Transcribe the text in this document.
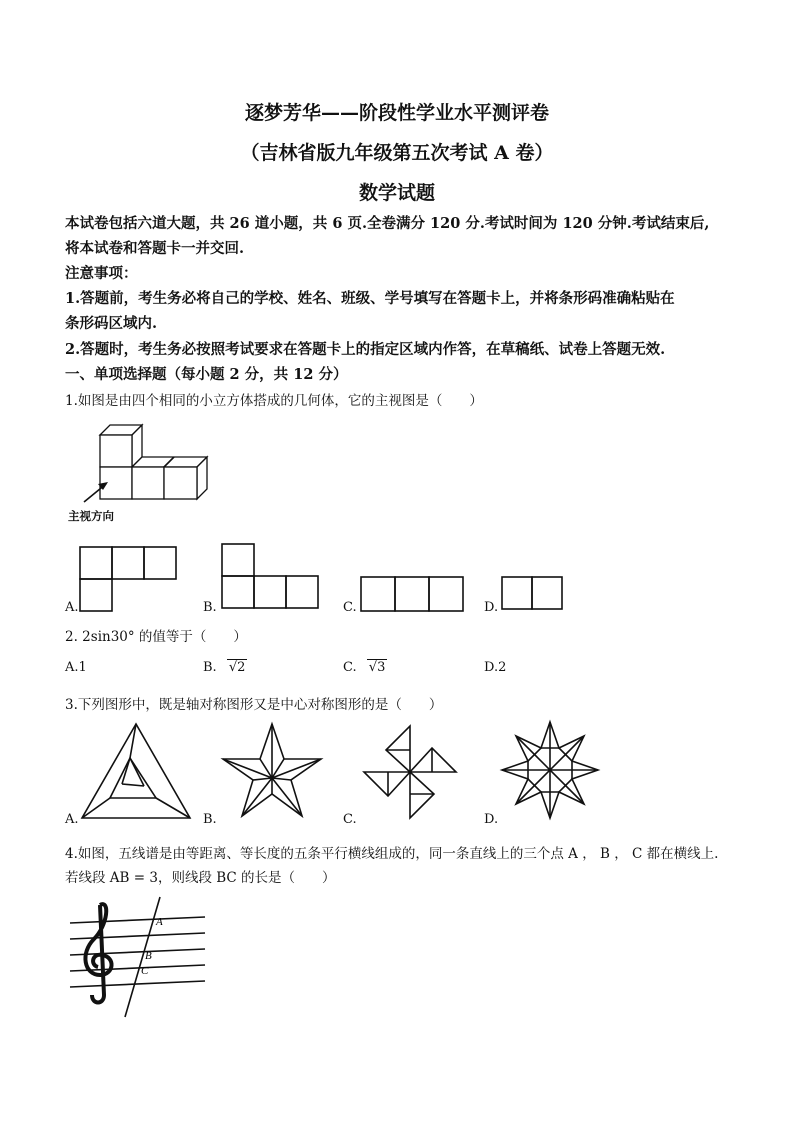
逐梦芳华——阶段性学业水平测评卷
（吉林省版九年级第五次考试 A 卷）
数学试题
本试卷包括六道大题，共 26 道小题，共 6 页.全卷满分 120 分.考试时间为 120 分钟.考试结束后,
将本试卷和答题卡一并交回.
注意事项：
1.答题前，考生务必将自己的学校、姓名、班级、学号填写在答题卡上，并将条形码准确粘贴在
条形码区域内.
2.答题时，考生务必按照考试要求在答题卡上的指定区域内作答，在草稿纸、试卷上答题无效.
一、单项选择题（每小题 2 分，共 12 分）
1.如图是由四个相同的小立方体搭成的几何体，它的主视图是（　　）
主视方向
A.	B.	C.	D.
2. 2sin30° 的值等于（　　）
A.1	B. √2	C. √3	D.2
3.下列图形中，既是轴对称图形又是中心对称图形的是（　　）
A.	B.	C.	D.
4.如图，五线谱是由等距离、等长度的五条平行横线组成的，同一条直线上的三个点 A ， B ， C 都在横线上.
若线段 AB = 3，则线段 BC 的长是（　　）
A
B
C
